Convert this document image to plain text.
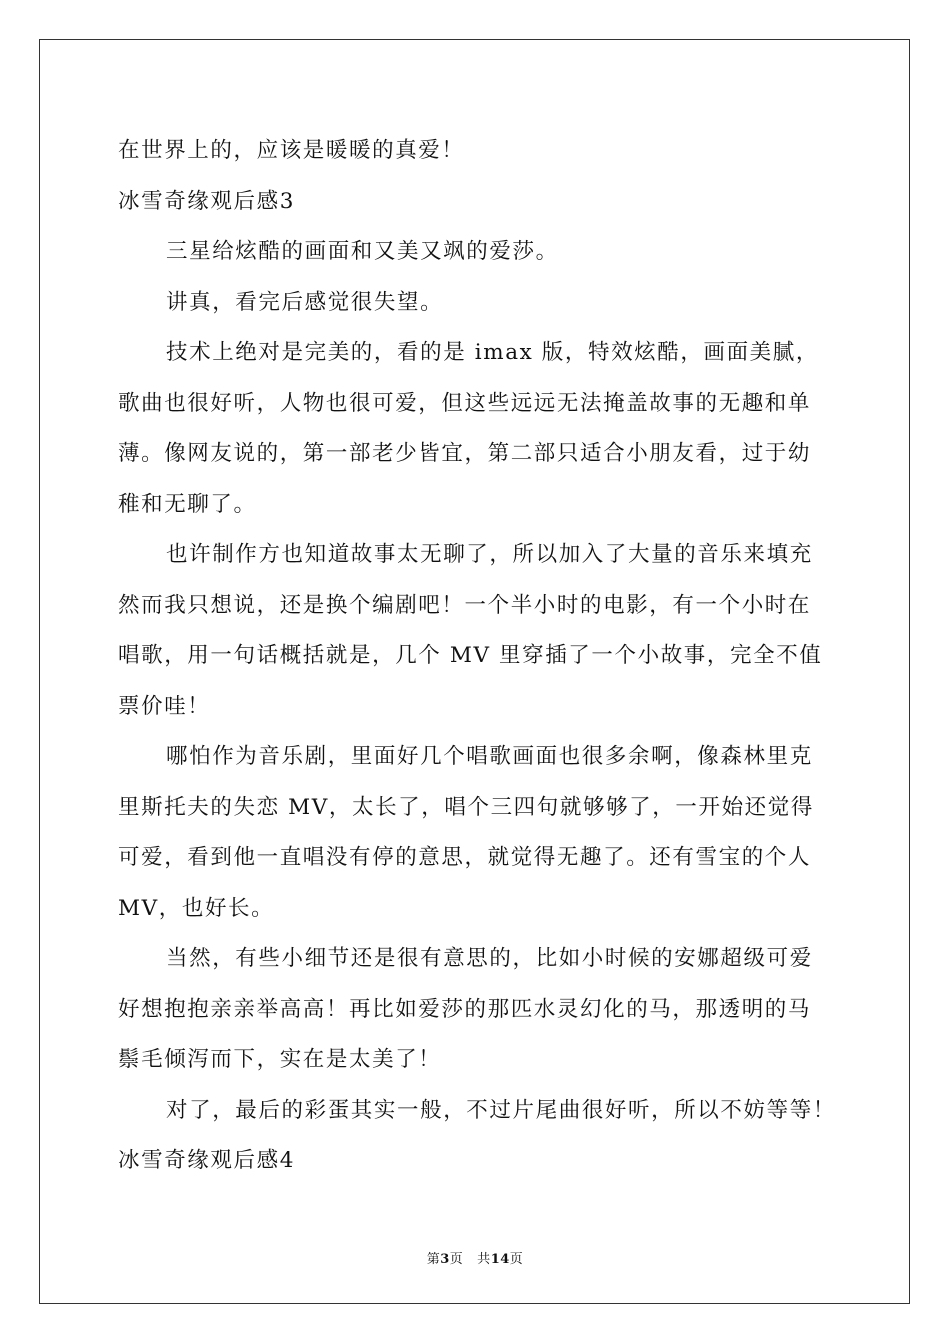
在世界上的，应该是暖暖的真爱！
冰雪奇缘观后感3
三星给炫酷的画面和又美又飒的爱莎。
讲真，看完后感觉很失望。
技术上绝对是完美的，看的是 imax 版，特效炫酷，画面美腻，
歌曲也很好听，人物也很可爱，但这些远远无法掩盖故事的无趣和单
薄。像网友说的，第一部老少皆宜，第二部只适合小朋友看，过于幼
稚和无聊了。
也许制作方也知道故事太无聊了，所以加入了大量的音乐来填充
然而我只想说，还是换个编剧吧！一个半小时的电影，有一个小时在
唱歌，用一句话概括就是，几个 MV 里穿插了一个小故事，完全不值
票价哇！
哪怕作为音乐剧，里面好几个唱歌画面也很多余啊，像森林里克
里斯托夫的失恋 MV，太长了，唱个三四句就够够了，一开始还觉得
可爱，看到他一直唱没有停的意思，就觉得无趣了。还有雪宝的个人
MV，也好长。
当然，有些小细节还是很有意思的，比如小时候的安娜超级可爱
好想抱抱亲亲举高高！再比如爱莎的那匹水灵幻化的马，那透明的马
鬃毛倾泻而下，实在是太美了！
对了，最后的彩蛋其实一般，不过片尾曲很好听，所以不妨等等！
冰雪奇缘观后感4
第3页 共14页
